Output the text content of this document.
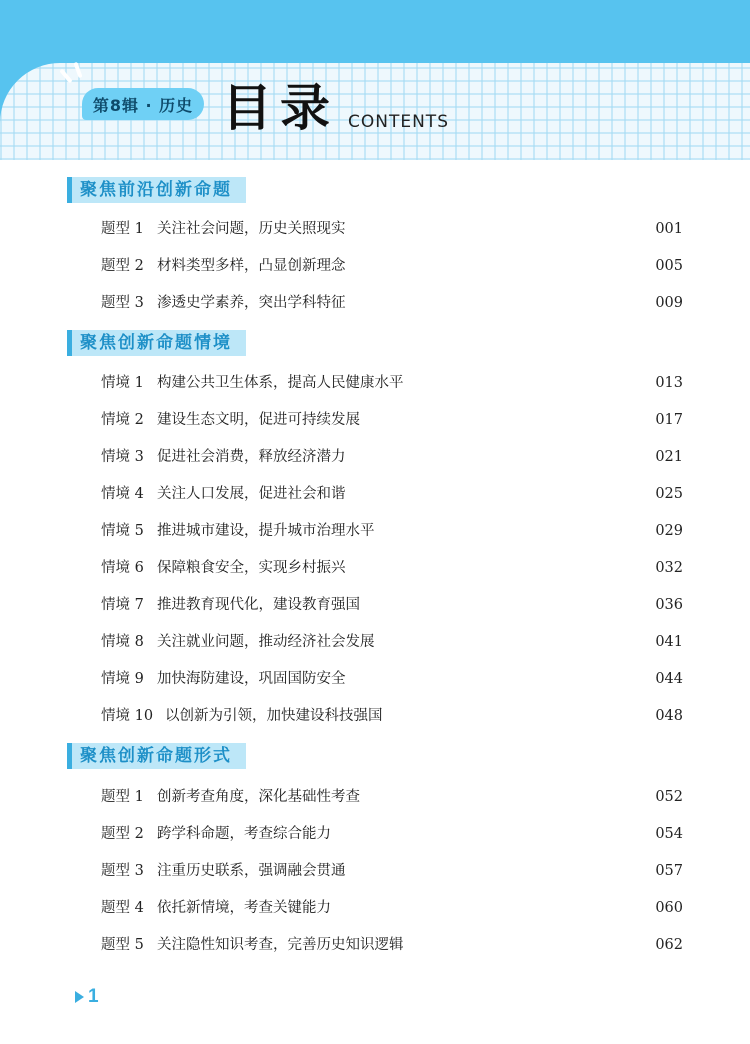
第8辑 · 历史 目录 CONTENTS
聚焦前沿创新命题
题型 1 关注社会问题，历史关照现实	001
题型 2 材料类型多样，凸显创新理念	005
题型 3 渗透史学素养，突出学科特征	009
聚焦创新命题情境
情境 1 构建公共卫生体系，提高人民健康水平	013
情境 2 建设生态文明，促进可持续发展	017
情境 3 促进社会消费，释放经济潜力	021
情境 4 关注人口发展，促进社会和谐	025
情境 5 推进城市建设，提升城市治理水平	029
情境 6 保障粮食安全，实现乡村振兴	032
情境 7 推进教育现代化，建设教育强国	036
情境 8 关注就业问题，推动经济社会发展	041
情境 9 加快海防建设，巩固国防安全	044
情境 10 以创新为引领，加快建设科技强国	048
聚焦创新命题形式
题型 1 创新考查角度，深化基础性考查	052
题型 2 跨学科命题，考查综合能力	054
题型 3 注重历史联系，强调融会贯通	057
题型 4 依托新情境，考查关键能力	060
题型 5 关注隐性知识考查，完善历史知识逻辑	062
1
